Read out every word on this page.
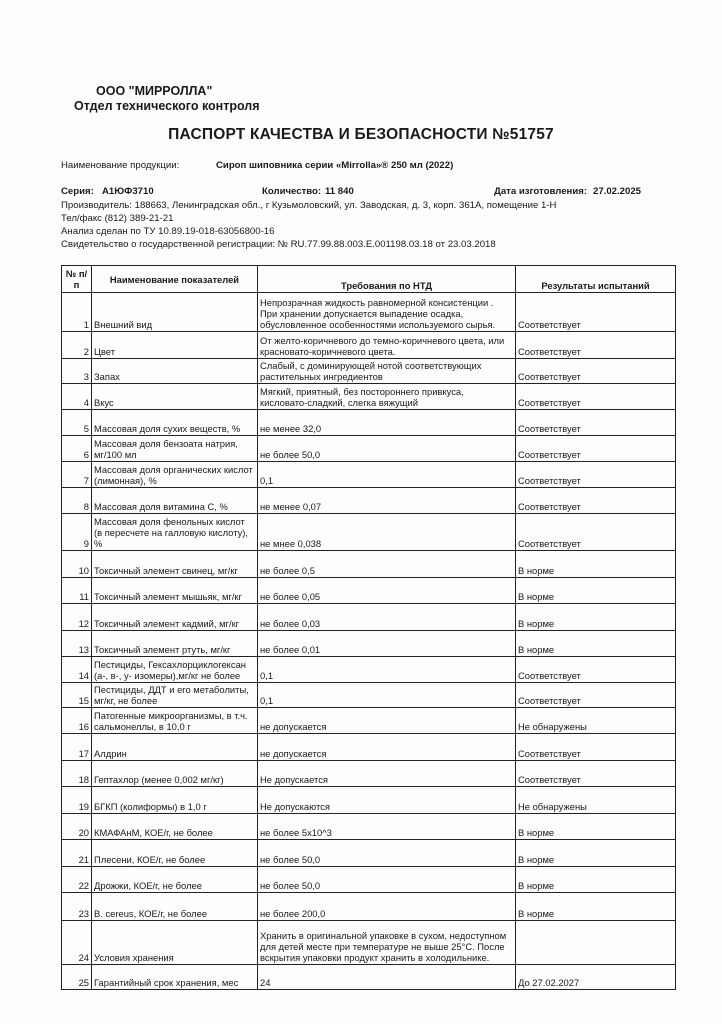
ООО "МИРРОЛЛА"
Отдел технического контроля
ПАСПОРТ КАЧЕСТВА И БЕЗОПАСНОСТИ №51757
Наименование продукции:	Сироп шиповника серии «Mirrolla»® 250 мл (2022)
Серия: А1ЮФ3710	Количество: 11 840	Дата изготовления: 27.02.2025
Производитель: 188663, Ленинградская обл., г Кузьмоловский, ул. Заводская, д. 3, корп. 361А, помещение 1-Н
Тел/факс (812) 389-21-21
Анализ сделан по ТУ 10.89.19-018-63056800-16
Свидетельство о государственной регистрации: № RU.77.99.88.003.Е.001198.03.18 от 23.03.2018
№ п/п	Наименование показателей	Требования по НТД	Результаты испытаний
1	Внешний вид	Непрозрачная жидкость равномерной консистенции . При хранении допускается выпадение осадка, обусловленное особенностями используемого сырья.	Соответствует
2	Цвет	От желто-коричневого до темно-коричневого цвета, или красновато-коричневого цвета.	Соответствует
3	Запах	Слабый, с доминирующей нотой соответствующих растительных ингредиентов	Соответствует
4	Вкус	Мягкий, приятный, без постороннего привкуса, кисловато-сладкий, слегка вяжущий	Соответствует
5	Массовая доля сухих веществ, %	не менее 32,0	Соответствует
6	Массовая доля бензоата натрия, мг/100 мл	не более 50,0	Соответствует
7	Массовая доля органических кислот (лимонная), %	0,1	Соответствует
8	Массовая доля витамина С, %	не менее 0,07	Соответствует
9	Массовая доля фенольных кислот (в пересчете на галловую кислоту), %	не мнее 0,038	Соответствует
10	Токсичный элемент свинец, мг/кг	не более 0,5	В норме
11	Токсичный элемент мышьяк, мг/кг	не более 0,05	В норме
12	Токсичный элемент кадмий, мг/кг	не более 0,03	В норме
13	Токсичный элемент ртуть, мг/кг	не более 0,01	В норме
14	Пестициды, Гексахлорциклогексан (а-, в-, у- изомеры),мг/кг не более	0,1	Соответствует
15	Пестициды, ДДТ и его метаболиты, мг/кг, не более	0,1	Соответствует
16	Патогенные микроорганизмы, в т.ч. сальмонеллы, в 10,0 г	не допускается	Не обнаружены
17	Алдрин	не допускается	Соответствует
18	Гептахлор (менее 0,002 мг/кг)	Не допускается	Соответствует
19	БГКП (колиформы) в 1,0 г	Не допускаются	Не обнаружены
20	КМАФАнМ, КОЕ/г, не более	не более 5х10^3	В норме
21	Плесени, КОЕ/г, не более	не более 50,0	В норме
22	Дрожжи, КОЕ/г, не более	не более 50,0	В норме
23	B. cereus, КОЕ/г, не более	не более 200,0	В норме
24	Условия хранения	Хранить в оригинальной упаковке в сухом, недоступном для детей месте при температуре не выше 25°С. После вскрытия упаковки продукт хранить в холодильнике.	
25	Гарантийный срок хранения, мес	24	До 27.02.2027
